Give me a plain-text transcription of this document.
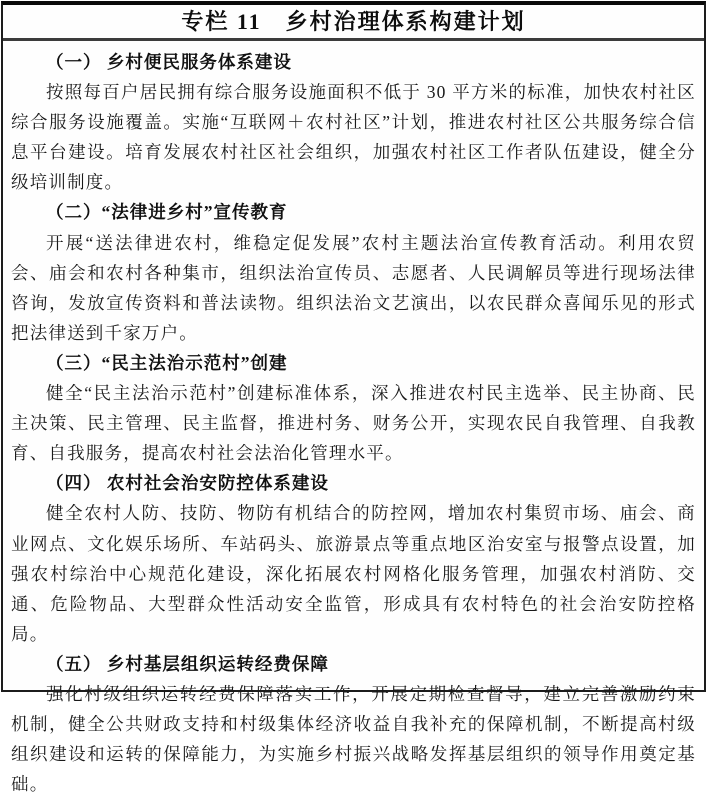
专栏 11　乡村治理体系构建计划

（一） 乡村便民服务体系建设

按照每百户居民拥有综合服务设施面积不低于 30 平方米的标准，加快农村社区综合服务设施覆盖。实施“互联网＋农村社区”计划，推进农村社区公共服务综合信息平台建设。培育发展农村社区社会组织，加强农村社区工作者队伍建设，健全分级培训制度。

（二）“法律进乡村”宣传教育

开展“送法律进农村，维稳定促发展”农村主题法治宣传教育活动。利用农贸会、庙会和农村各种集市，组织法治宣传员、志愿者、人民调解员等进行现场法律咨询，发放宣传资料和普法读物。组织法治文艺演出，以农民群众喜闻乐见的形式把法律送到千家万户。

（三）“民主法治示范村”创建

健全“民主法治示范村”创建标准体系，深入推进农村民主选举、民主协商、民主决策、民主管理、民主监督，推进村务、财务公开，实现农民自我管理、自我教育、自我服务，提高农村社会法治化管理水平。

（四） 农村社会治安防控体系建设

健全农村人防、技防、物防有机结合的防控网，增加农村集贸市场、庙会、商业网点、文化娱乐场所、车站码头、旅游景点等重点地区治安室与报警点设置，加强农村综治中心规范化建设，深化拓展农村网格化服务管理，加强农村消防、交通、危险物品、大型群众性活动安全监管，形成具有农村特色的社会治安防控格局。

（五） 乡村基层组织运转经费保障

强化村级组织运转经费保障落实工作，开展定期检查督导，建立完善激励约束机制，健全公共财政支持和村级集体经济收益自我补充的保障机制，不断提高村级组织建设和运转的保障能力，为实施乡村振兴战略发挥基层组织的领导作用奠定基础。
